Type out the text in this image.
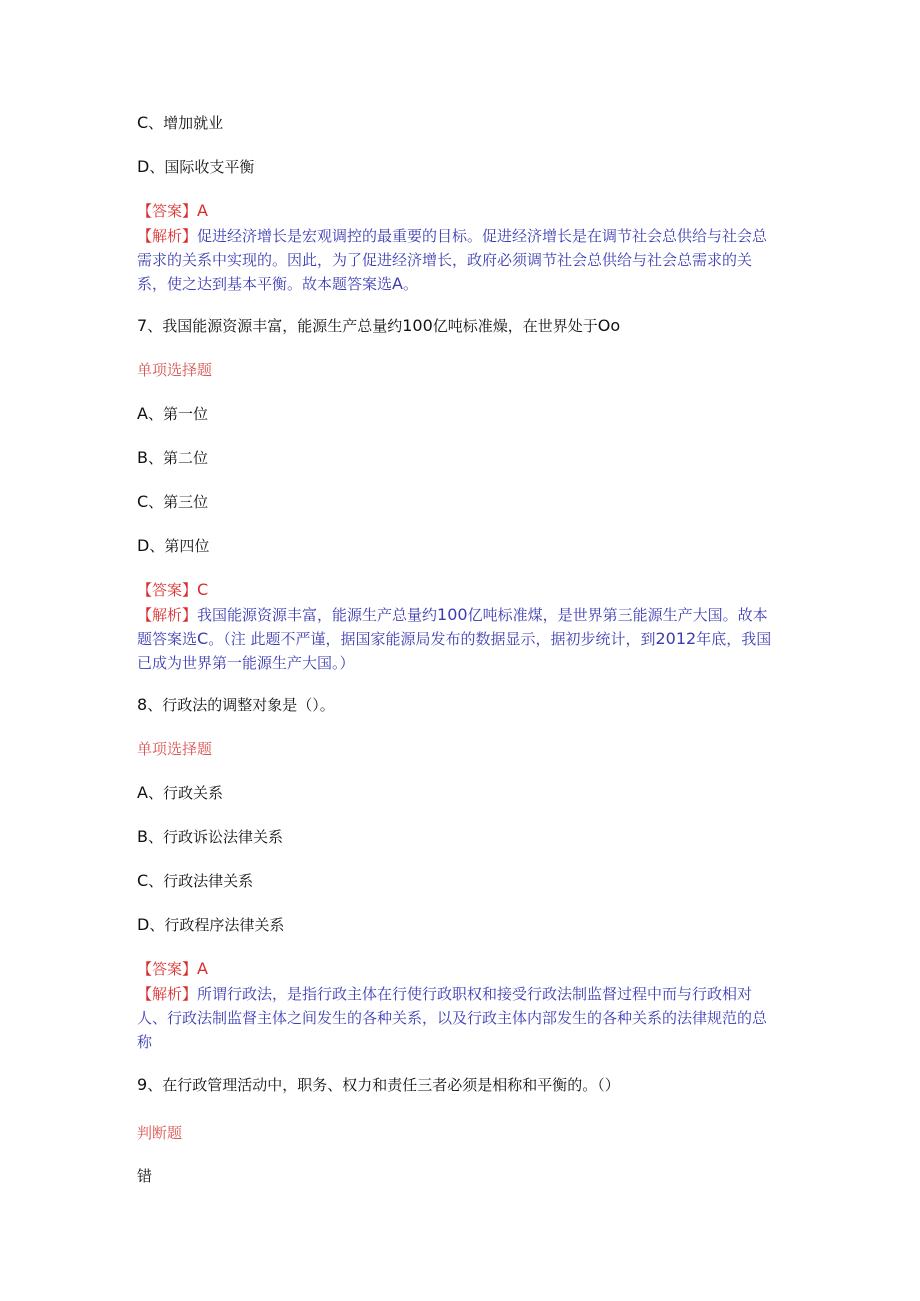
C、增加就业
D、国际收支平衡
【答案】A
【解析】促进经济增长是宏观调控的最重要的目标。促进经济增长是在调节社会总供给与社会总需求的关系中实现的。因此，为了促进经济增长，政府必须调节社会总供给与社会总需求的关系，使之达到基本平衡。故本题答案选A。
7、我国能源资源丰富，能源生产总量约100亿吨标准燥，在世界处于Oo
单项选择题
A、第一位
B、第二位
C、第三位
D、第四位
【答案】C
【解析】我国能源资源丰富，能源生产总量约100亿吨标准煤，是世界第三能源生产大国。故本题答案选C。（注 此题不严谨，据国家能源局发布的数据显示，据初步统计，到2012年底，我国已成为世界第一能源生产大国。）
8、行政法的调整对象是（）。
单项选择题
A、行政关系
B、行政诉讼法律关系
C、行政法律关系
D、行政程序法律关系
【答案】A
【解析】所谓行政法，是指行政主体在行使行政职权和接受行政法制监督过程中而与行政相对人、行政法制监督主体之间发生的各种关系，以及行政主体内部发生的各种关系的法律规范的总称
9、在行政管理活动中，职务、权力和责任三者必须是相称和平衡的。（）
判断题
错
